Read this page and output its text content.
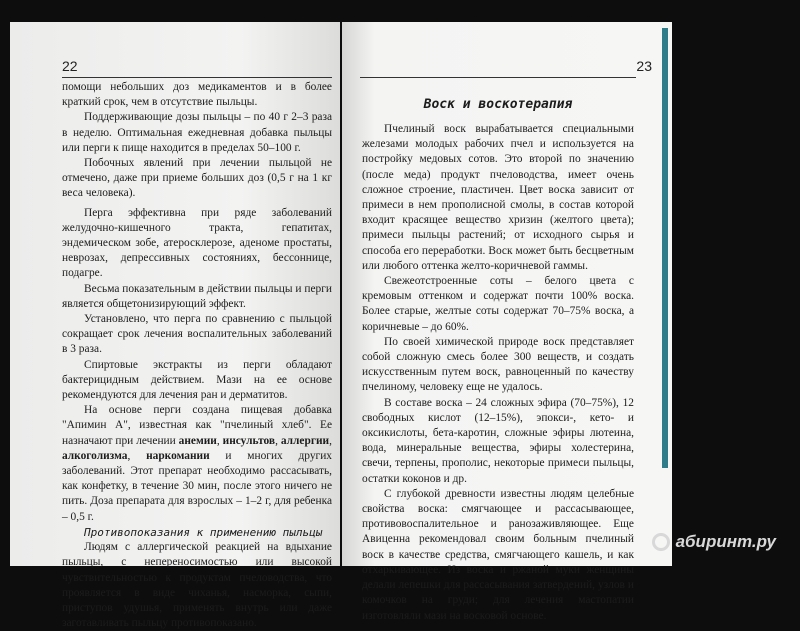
22

помощи небольших доз медикаментов и в более краткий срок, чем в отсутствие пыльцы.

Поддерживающие дозы пыльцы – по 40 г 2–3 раза в неделю. Оптимальная ежедневная добавка пыльцы или перги к пище находится в пределах 50–100 г.

Побочных явлений при лечении пыльцой не отмечено, даже при приеме больших доз (0,5 г на 1 кг веса человека).

Перга эффективна при ряде заболеваний желудочно-кишечного тракта, гепатитах, эндемическом зобе, атеросклерозе, аденоме простаты, неврозах, депрессивных состояниях, бессоннице, подагре.

Весьма показательным в действии пыльцы и перги является общетонизирующий эффект.

Установлено, что перга по сравнению с пыльцой сокращает срок лечения воспалительных заболеваний в 3 раза.

Спиртовые экстракты из перги обладают бактерицидным действием. Мази на ее основе рекомендуются для лечения ран и дерматитов.

На основе перги создана пищевая добавка "Апимин А", известная как "пчелиный хлеб". Ее назначают при лечении анемии, инсультов, аллергии, алкоголизма, наркомании и многих других заболеваний. Этот препарат необходимо рассасывать, как конфетку, в течение 30 мин, после этого ничего не пить. Доза препарата для взрослых – 1–2 г, для ребенка – 0,5 г.

Противопоказания к применению пыльцы

Людям с аллергической реакцией на вдыхание пыльцы, с непереносимостью или высокой чувствительностью к продуктам пчеловодства, что проявляется в виде чиханья, насморка, сыпи, приступов удушья, применять внутрь или даже заготавливать пыльцу противопоказано.

23
Воск и воскотерапия

Пчелиный воск вырабатывается специальными железами молодых рабочих пчел и используется на постройку медовых сотов. Это второй по значению (после меда) продукт пчеловодства, имеет очень сложное строение, пластичен. Цвет воска зависит от примеси в нем прополисной смолы, в состав которой входит красящее вещество хризин (желтого цвета); примеси пыльцы растений; от исходного сырья и способа его переработки. Воск может быть бесцветным или любого оттенка желто-коричневой гаммы.

Свежеотстроенные соты – белого цвета с кремовым оттенком и содержат почти 100% воска. Более старые, желтые соты содержат 70–75% воска, а коричневые – до 60%.

По своей химической природе воск представляет собой сложную смесь более 300 веществ, и создать искусственным путем воск, равноценный по качеству пчелиному, человеку еще не удалось.

В составе воска – 24 сложных эфира (70–75%), 12 свободных кислот (12–15%), эпокси-, кето- и оксикислоты, бета-каротин, сложные эфиры лютеина, вода, минеральные вещества, эфиры холестерина, свечи, терпены, прополис, некоторые примеси пыльцы, остатки коконов и др.

С глубокой древности известны людям целебные свойства воска: смягчающее и рассасывающее, противовоспалительное и ранозаживляющее. Еще Авиценна рекомендовал своим больным пчелиный воск в качестве средства, смягчающего кашель, и как отхаркивающее. Из воска и ржаной муки женщины делали лепешки для рассасывания затвердений, узлов и комочков на груди; для лечения мастопатии изготовляли мази на восковой основе.

абиринт.ру
